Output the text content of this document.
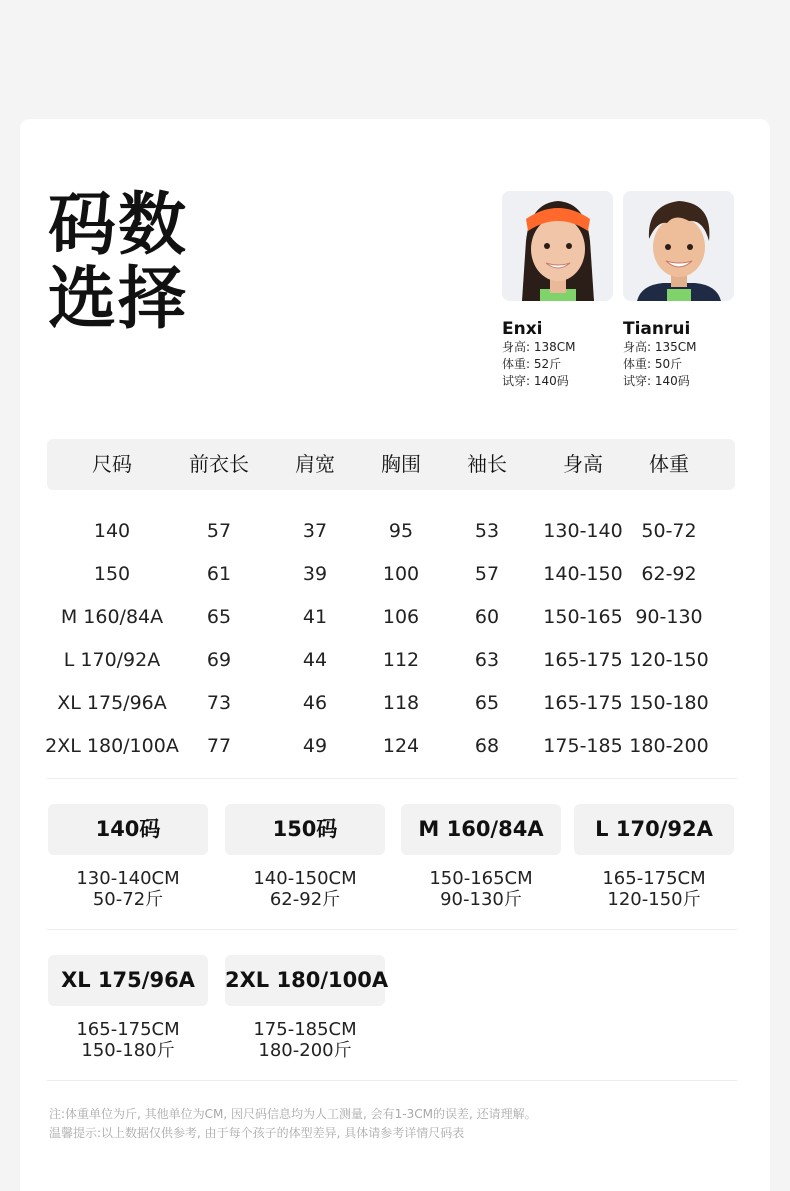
码数
选择	Enxi
身高: 138CM
体重: 52斤
试穿: 140码
Tianrui
身高: 135CM
体重: 50斤
试穿: 140码
尺码	前衣长 肩宽 胸围 袖长	身高 体重
140	57	37	95	53 130-140 50-72
150	61	39	100	57 140-150 62-92
M 160/84A 65	41	106	60 150-165 90-130
L 170/92A 69	44	112	63 165-175 120-150
XL 175/96A 73	46	118	65 165-175 150-180
2XL 180/100A 77	49	124	68 175-185 180-200
140码
130-140CM
50-72斤
150码
140-150CM
62-92斤
M 160/84A
150-165CM
90-130斤
L 170/92A
165-175CM
120-150斤
XL 175/96A
165-175CM
150-180斤
2XL 180/100A
175-185CM
180-200斤
注:体重单位为斤, 其他单位为CM, 因尺码信息均为人工测量, 会有1-3CM的误差, 还请理解。
温馨提示:以上数据仅供参考, 由于每个孩子的体型差异, 具体请参考详情尺码表
